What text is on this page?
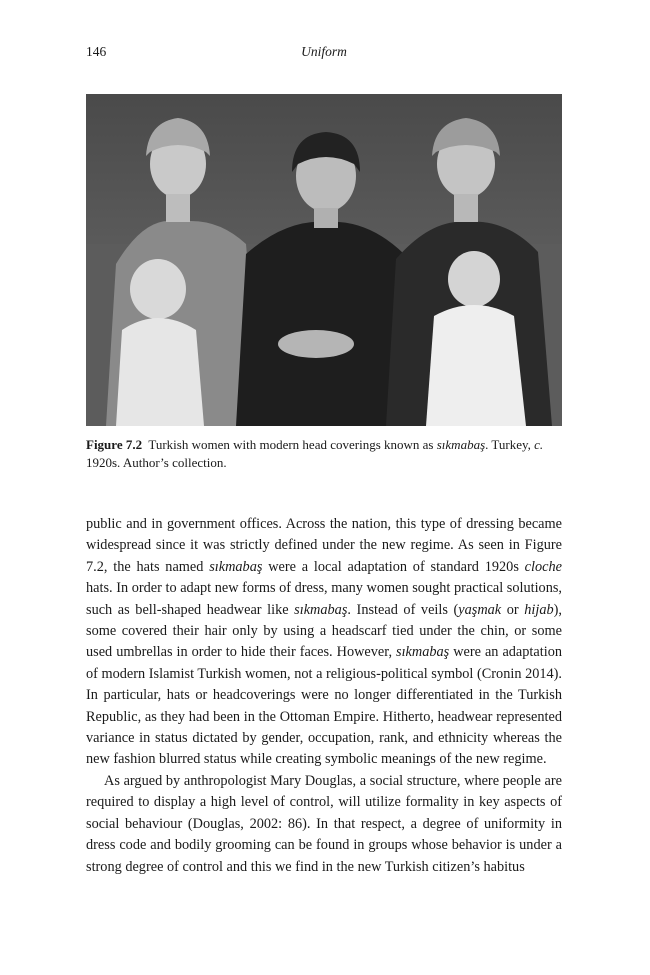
146	Uniform
Figure 7.2 Turkish women with modern head coverings known as sıkmabaş. Turkey, c. 1920s. Author’s collection.

public and in government offices. Across the nation, this type of dressing became widespread since it was strictly defined under the new regime. As seen in Figure 7.2, the hats named sıkmabaş were a local adaptation of standard 1920s cloche hats. In order to adapt new forms of dress, many women sought practical solutions, such as bell-shaped headwear like sıkmabaş. Instead of veils (yaşmak or hijab), some covered their hair only by using a headscarf tied under the chin, or some used umbrellas in order to hide their faces. However, sıkmabaş were an adaptation of modern Islamist Turkish women, not a religious-political symbol (Cronin 2014). In particular, hats or headcoverings were no longer differentiated in the Turkish Republic, as they had been in the Ottoman Empire. Hitherto, headwear represented variance in status dictated by gender, occupation, rank, and ethnicity whereas the new fashion blurred status while creating symbolic meanings of the new regime.

As argued by anthropologist Mary Douglas, a social structure, where people are required to display a high level of control, will utilize formality in key aspects of social behaviour (Douglas, 2002: 86). In that respect, a degree of uniformity in dress code and bodily grooming can be found in groups whose behavior is under a strong degree of control and this we find in the new Turkish citizen’s habitus
